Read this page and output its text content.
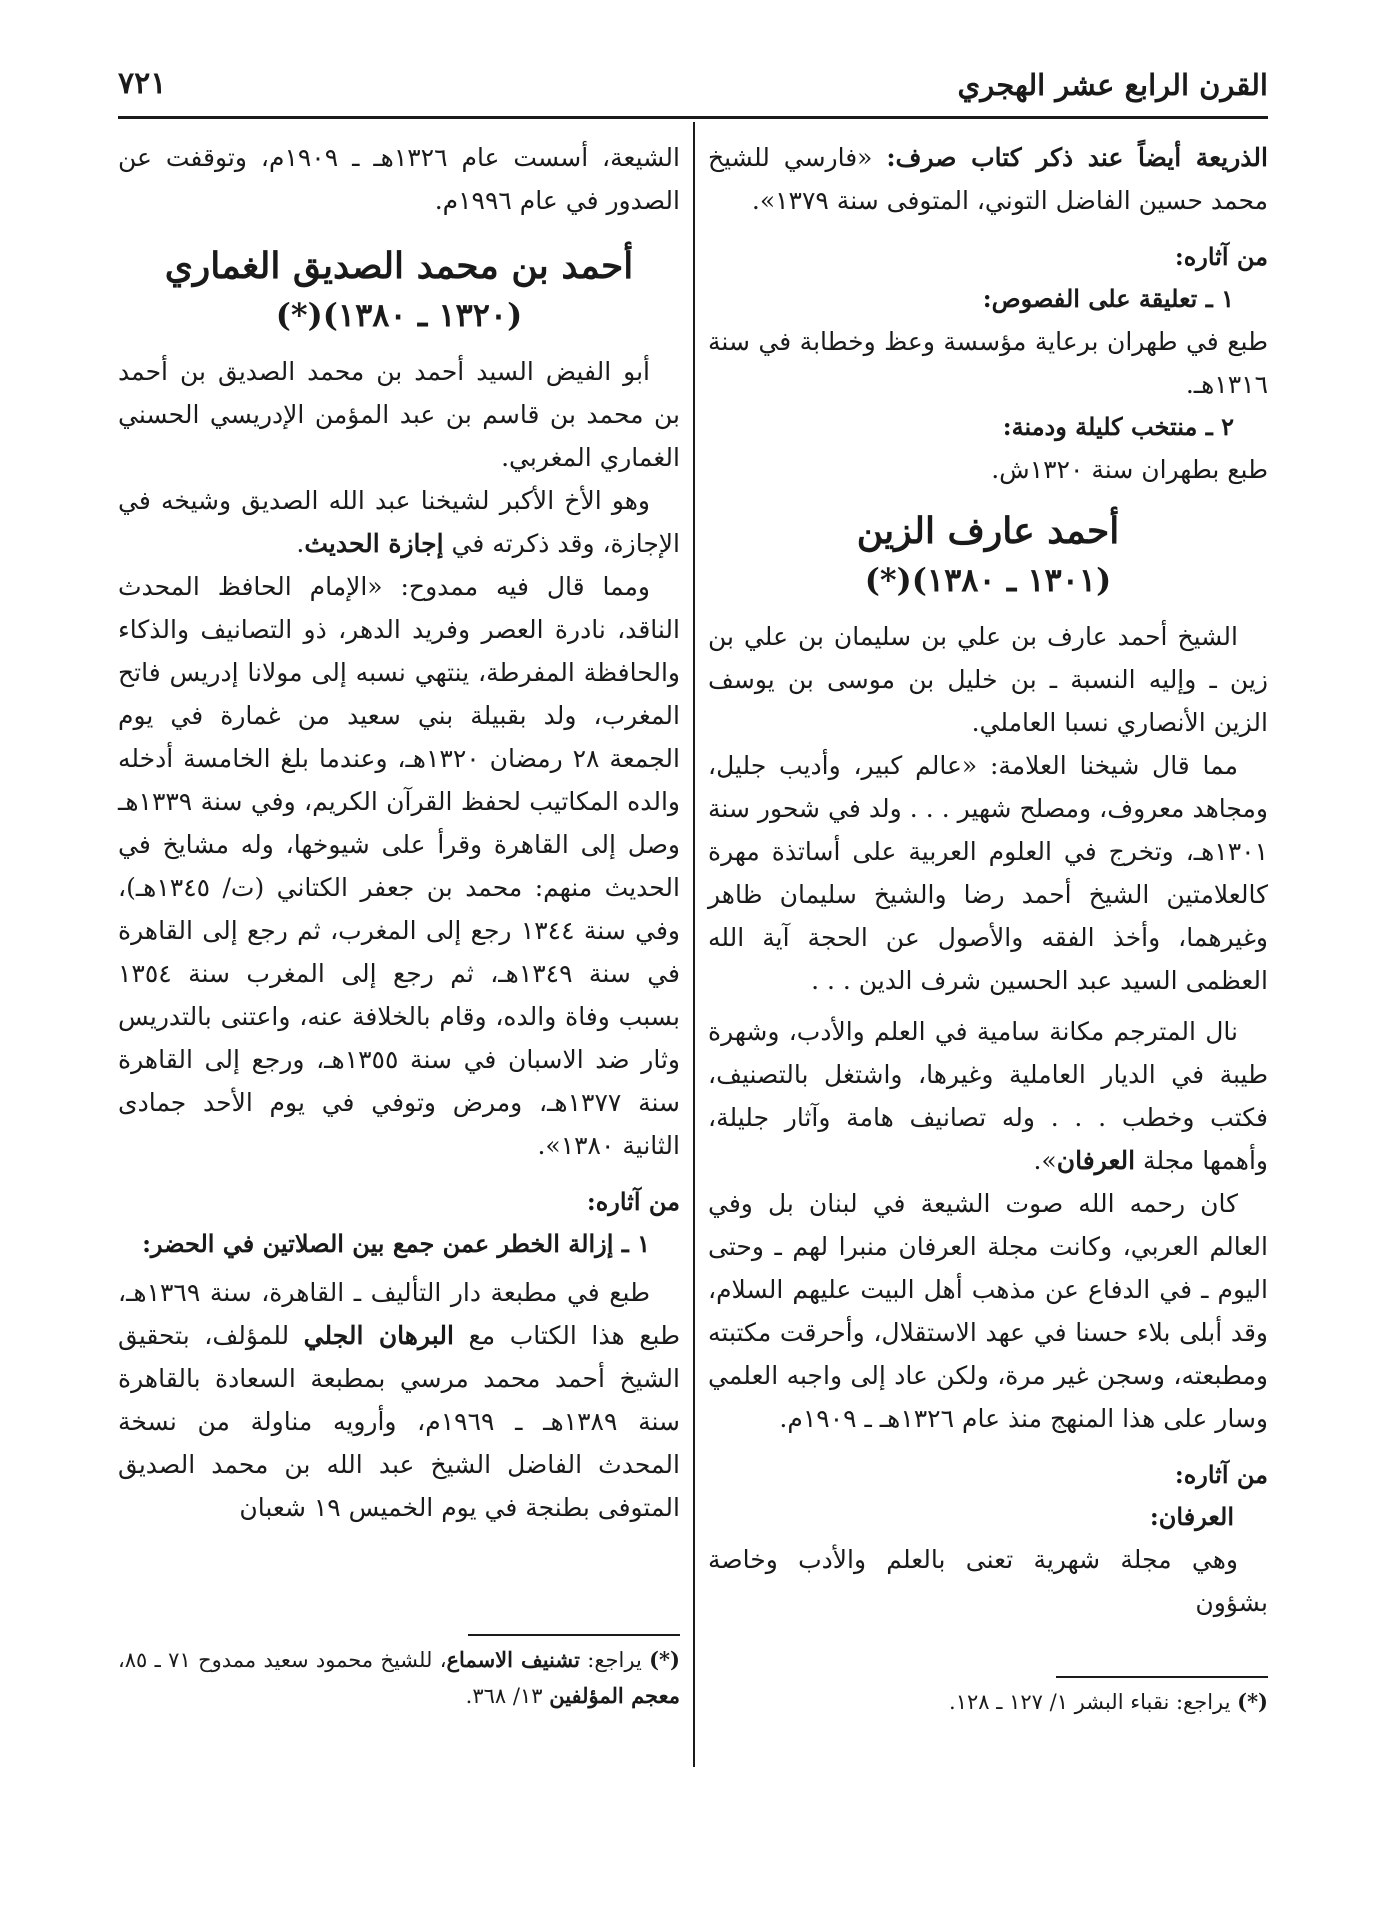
القرن الرابع عشر الهجري
٧٢١

الذريعة أيضاً عند ذكر كتاب صرف: «فارسي للشيخ محمد حسين الفاضل التوني، المتوفى سنة ١٣٧٩».

من آثاره:
١ ـ تعليقة على الفصوص:

طبع في طهران برعاية مؤسسة وعظ وخطابة في سنة ١٣١٦هـ.

٢ ـ منتخب كليلة ودمنة:

طبع بطهران سنة ١٣٢٠ش.

أحمد عارف الزين
(١٣٠١ ـ ١٣٨٠)(*)

الشيخ أحمد عارف بن علي بن سليمان بن علي بن زين ـ وإليه النسبة ـ بن خليل بن موسى بن يوسف الزين الأنصاري نسبا العاملي.

مما قال شيخنا العلامة: «عالم كبير، وأديب جليل، ومجاهد معروف، ومصلح شهير . . . ولد في شحور سنة ١٣٠١هـ، وتخرج في العلوم العربية على أساتذة مهرة كالعلامتين الشيخ أحمد رضا والشيخ سليمان ظاهر وغيرهما، وأخذ الفقه والأصول عن الحجة آية الله العظمى السيد عبد الحسين شرف الدين . . .

نال المترجم مكانة سامية في العلم والأدب، وشهرة طيبة في الديار العاملية وغيرها، واشتغل بالتصنيف، فكتب وخطب . . . وله تصانيف هامة وآثار جليلة، وأهمها مجلة العرفان».

كان رحمه الله صوت الشيعة في لبنان بل وفي العالم العربي، وكانت مجلة العرفان منبرا لهم ـ وحتى اليوم ـ في الدفاع عن مذهب أهل البيت عليهم السلام، وقد أبلى بلاء حسنا في عهد الاستقلال، وأحرقت مكتبته ومطبعته، وسجن غير مرة، ولكن عاد إلى واجبه العلمي وسار على هذا المنهج منذ عام ١٣٢٦هـ ـ ١٩٠٩م.

من آثاره:
العرفان:

وهي مجلة شهرية تعنى بالعلم والأدب وخاصة بشؤون

(*) يراجع: نقباء البشر ١/ ١٢٧ ـ ١٢٨.

الشيعة، أسست عام ١٣٢٦هـ ـ ١٩٠٩م، وتوقفت عن الصدور في عام ١٩٩٦م.

أحمد بن محمد الصديق الغماري
(١٣٢٠ ـ ١٣٨٠)(*)

أبو الفيض السيد أحمد بن محمد الصديق بن أحمد بن محمد بن قاسم بن عبد المؤمن الإدريسي الحسني الغماري المغربي.

وهو الأخ الأكبر لشيخنا عبد الله الصديق وشيخه في الإجازة، وقد ذكرته في إجازة الحديث.

ومما قال فيه ممدوح: «الإمام الحافظ المحدث الناقد، نادرة العصر وفريد الدهر، ذو التصانيف والذكاء والحافظة المفرطة، ينتهي نسبه إلى مولانا إدريس فاتح المغرب، ولد بقبيلة بني سعيد من غمارة في يوم الجمعة ٢٨ رمضان ١٣٢٠هـ، وعندما بلغ الخامسة أدخله والده المكاتيب لحفظ القرآن الكريم، وفي سنة ١٣٣٩هـ وصل إلى القاهرة وقرأ على شيوخها، وله مشايخ في الحديث منهم: محمد بن جعفر الكتاني (ت/ ١٣٤٥هـ)، وفي سنة ١٣٤٤ رجع إلى المغرب، ثم رجع إلى القاهرة في سنة ١٣٤٩هـ، ثم رجع إلى المغرب سنة ١٣٥٤ بسبب وفاة والده، وقام بالخلافة عنه، واعتنى بالتدريس وثار ضد الاسبان في سنة ١٣٥٥هـ، ورجع إلى القاهرة سنة ١٣٧٧هـ، ومرض وتوفي في يوم الأحد جمادى الثانية ١٣٨٠».

من آثاره:
١ ـ إزالة الخطر عمن جمع بين الصلاتين في الحضر:

طبع في مطبعة دار التأليف ـ القاهرة، سنة ١٣٦٩هـ، طبع هذا الكتاب مع البرهان الجلي للمؤلف، بتحقيق الشيخ أحمد محمد مرسي بمطبعة السعادة بالقاهرة سنة ١٣٨٩هـ ـ ١٩٦٩م، وأرويه مناولة من نسخة المحدث الفاضل الشيخ عبد الله بن محمد الصديق المتوفى بطنجة في يوم الخميس ١٩ شعبان

(*) يراجع: تشنيف الاسماع، للشيخ محمود سعيد ممدوح ٧١ ـ ٨٥، معجم المؤلفين ١٣/ ٣٦٨.
